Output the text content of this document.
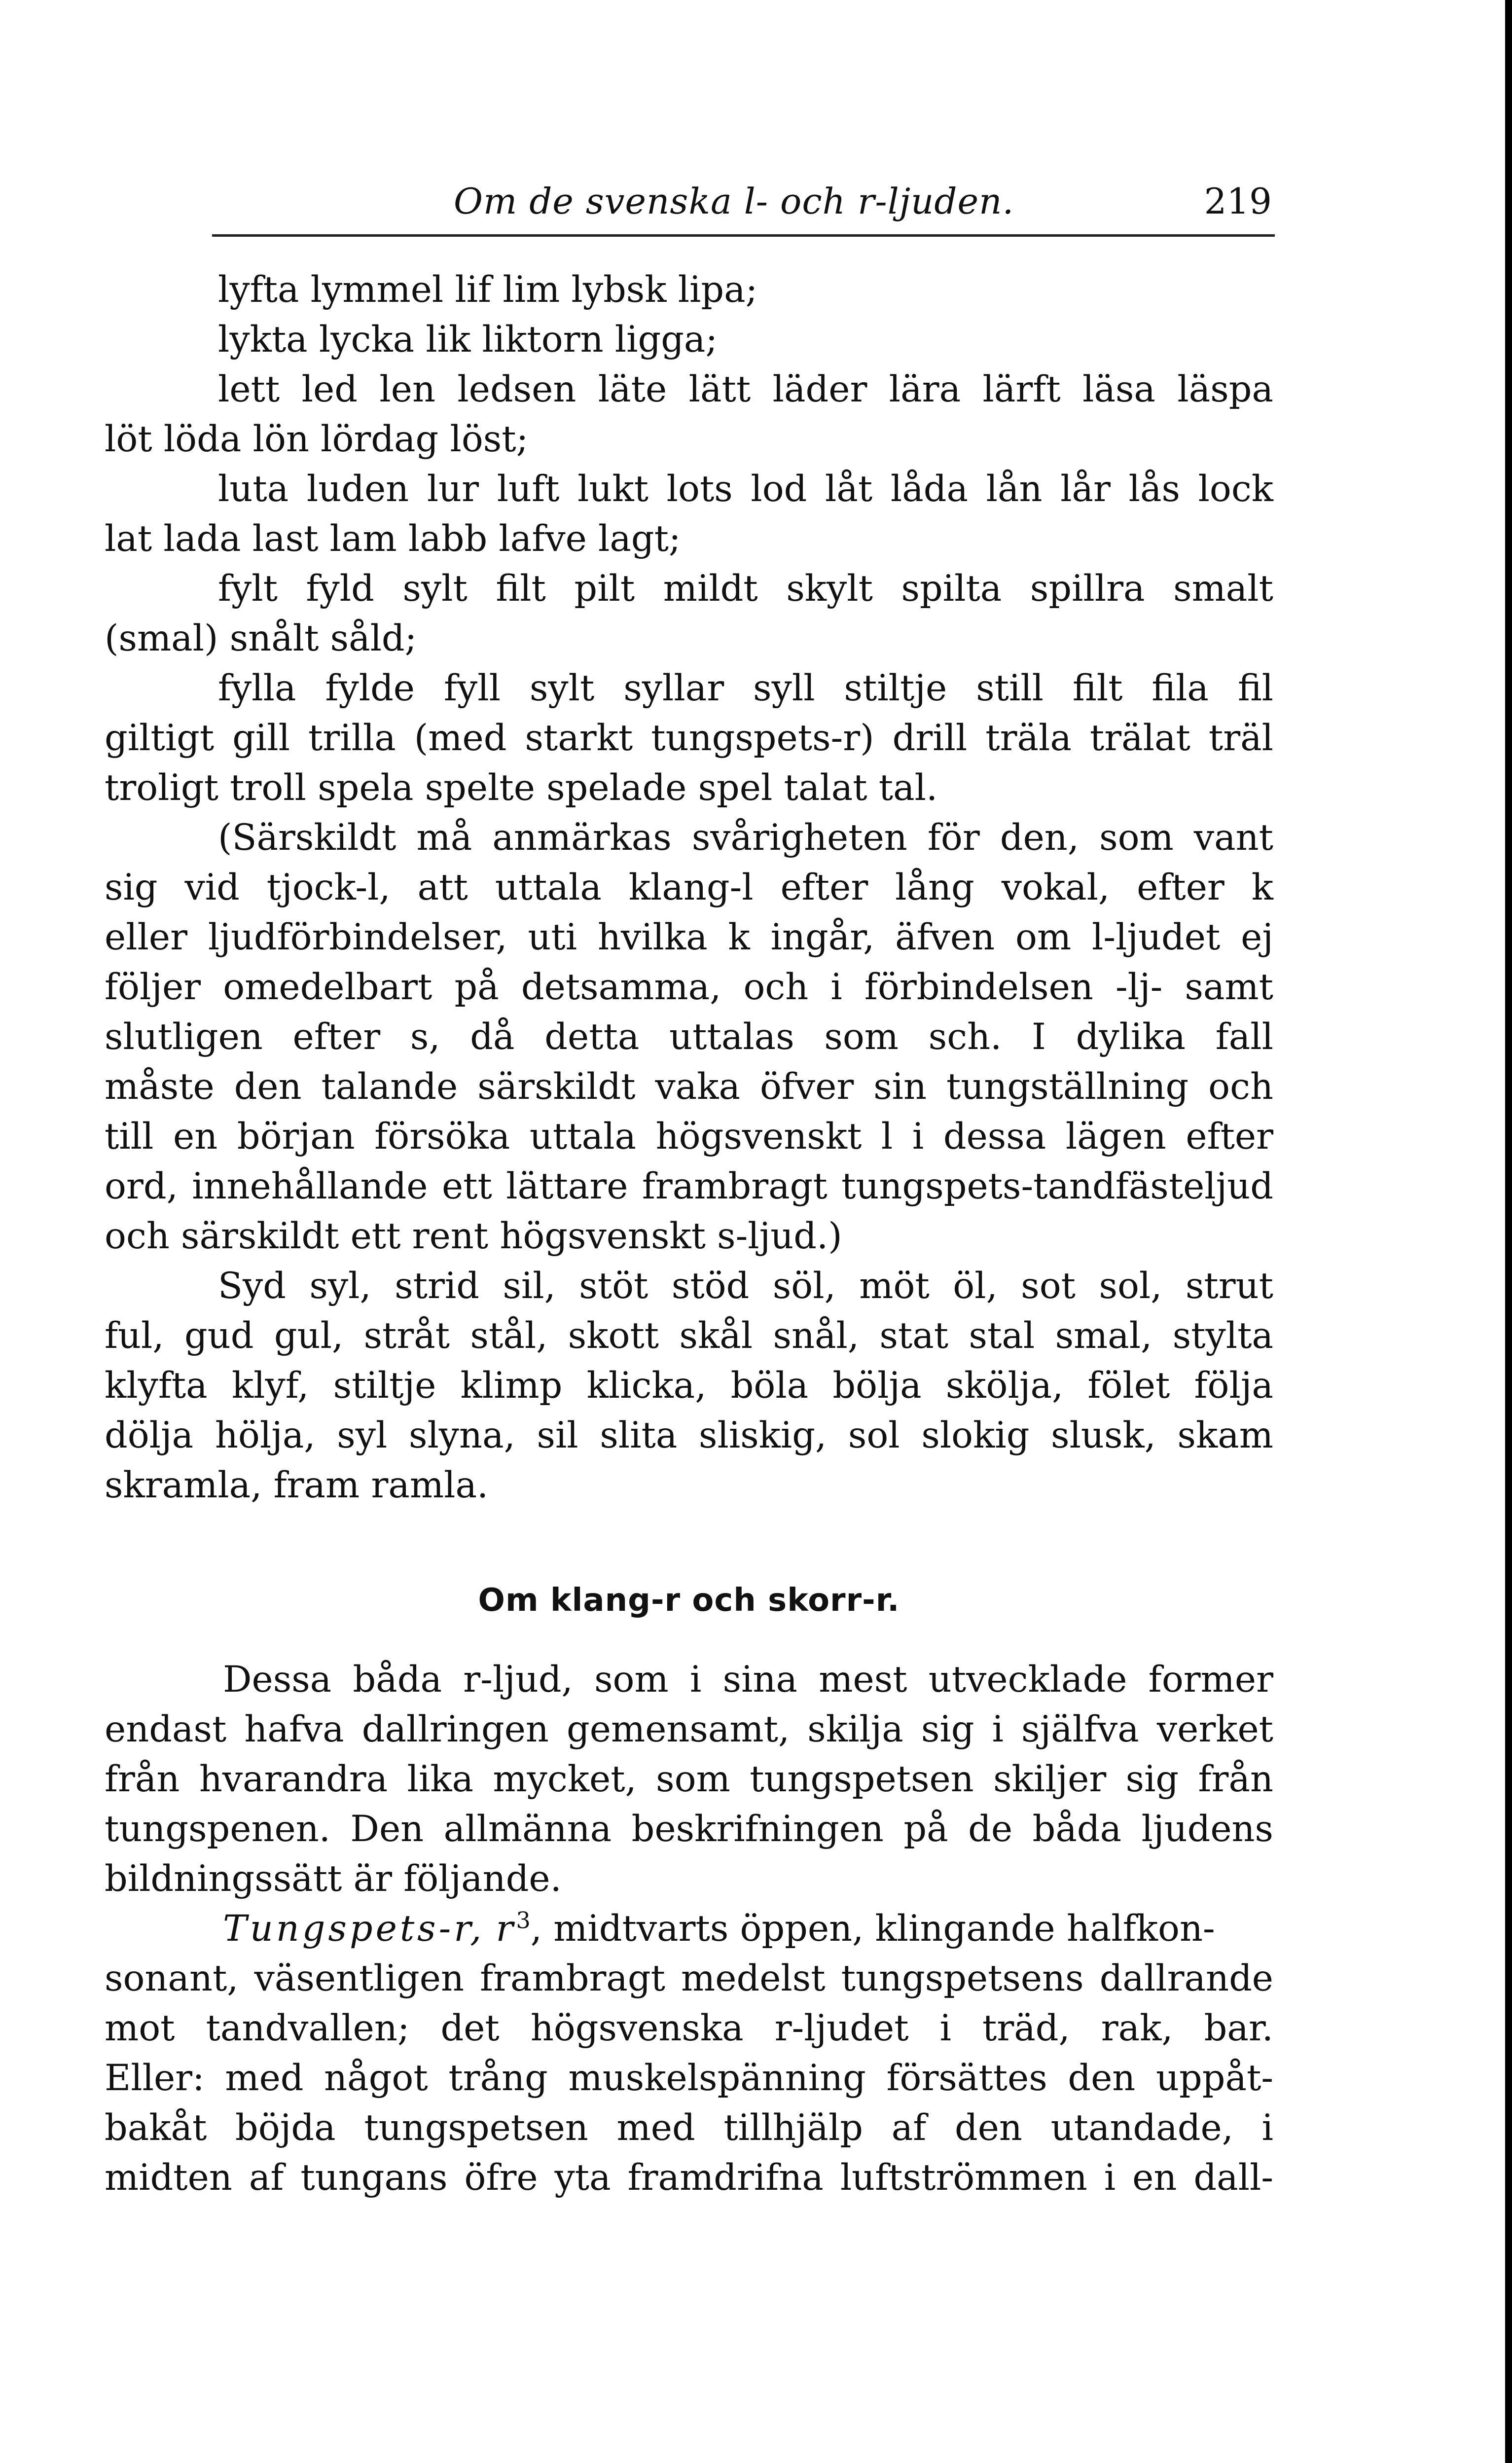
Om de svenska l- och r-ljuden.	219
lyfta lymmel lif lim lybsk lipa;
lykta lycka lik liktorn ligga;
lett led len ledsen läte lätt läder lära lärft läsa läspa
löt löda lön lördag löst;
luta luden lur luft lukt lots lod låt låda lån lår lås lock
lat lada last lam labb lafve lagt;
fylt fyld sylt filt pilt mildt skylt spilta spillra smalt
(smal) snålt såld;
fylla fylde fyll sylt syllar syll stiltje still filt fila fil
giltigt gill trilla (med starkt tungspets-r) drill träla trälat träl
troligt troll spela spelte spelade spel talat tal.
(Särskildt må anmärkas svårigheten för den, som vant
sig vid tjock-l, att uttala klang-l efter lång vokal, efter k
eller ljudförbindelser, uti hvilka k ingår, äfven om l-ljudet ej
följer omedelbart på detsamma, och i förbindelsen -lj- samt
slutligen efter s, då detta uttalas som sch. I dylika fall
måste den talande särskildt vaka öfver sin tungställning och
till en början försöka uttala högsvenskt l i dessa lägen efter
ord, innehållande ett lättare frambragt tungspets-tandfästeljud
och särskildt ett rent högsvenskt s-ljud.)
Syd syl, strid sil, stöt stöd söl, möt öl, sot sol, strut
ful, gud gul, stråt stål, skott skål snål, stat stal smal, stylta
klyfta klyf, stiltje klimp klicka, böla bölja skölja, fölet följa
dölja hölja, syl slyna, sil slita sliskig, sol slokig slusk, skam
skramla, fram ramla.
Om klang-r och skorr-r.
Dessa båda r-ljud, som i sina mest utvecklade former
endast hafva dallringen gemensamt, skilja sig i själfva verket
från hvarandra lika mycket, som tungspetsen skiljer sig från
tungspenen. Den allmänna beskrifningen på de båda ljudens
bildningssätt är följande.
Tungspets-r, $r^3$, midtvarts öppen, klingande halfkon-
sonant, väsentligen frambragt medelst tungspetsens dallrande
mot tandvallen; det högsvenska r-ljudet i träd, rak, bar.
Eller: med något trång muskelspänning försättes den uppåt-
bakåt böjda tungspetsen med tillhjälp af den utandade, i
midten af tungans öfre yta framdrifna luftströmmen i en dall-
